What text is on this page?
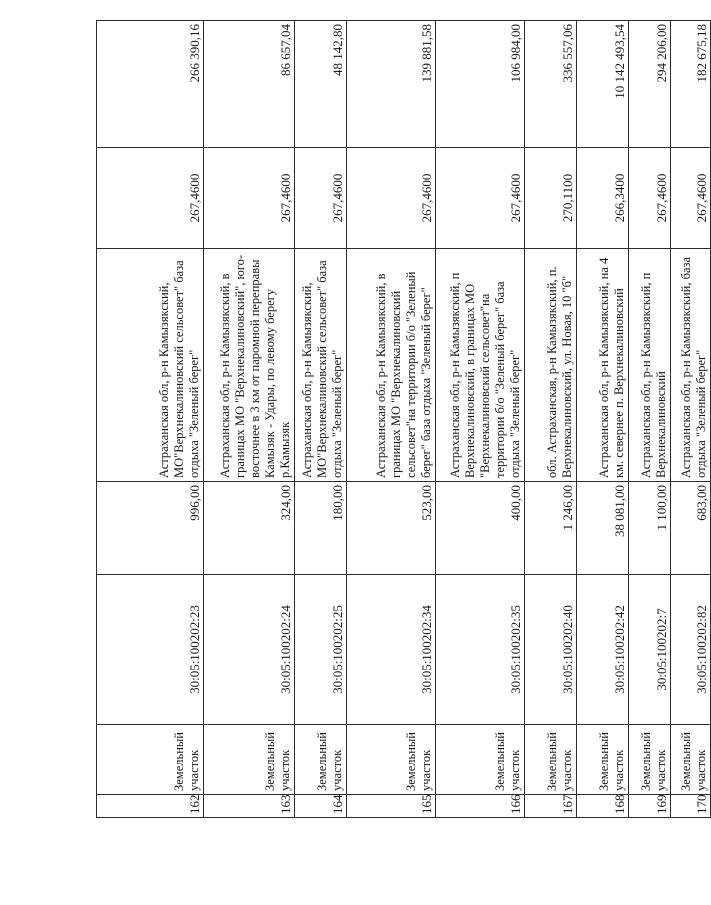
162	Земельный участок	30:05:100202:23	996,00	Астраханская обл, р-н Камызякский, МО"Верхнекалиновский сельсовет" база отдыха "Зеленый берег"	267,4600	266 390,16
163	Земельный участок	30:05:100202:24	324,00	Астраханская обл, р-н Камызякский, в границах МО "Верхнекалиновский", юго-восточнее в 3 км от паромной переправы Камызяк - Удары, по левому берегу р.Камызяк	267,4600	86 657,04
164	Земельный участок	30:05:100202:25	180,00	Астраханская обл, р-н Камызякский, МО"Верхнекалиновский сельсовет" база отдыха "Зеленый берег"	267,4600	48 142,80
165	Земельный участок	30:05:100202:34	523,00	Астраханская обл, р-н Камызякский, в границах МО "Верхнекалиновский сельсовет"на территории б/о "Зеленый берег" база отдыха "Зеленый берег"	267,4600	139 881,58
166	Земельный участок	30:05:100202:35	400,00	Астраханская обл, р-н Камызякский, п Верхнекалиновский, в границах МО "Верхнекалиновский сельсовет"на территории б/о "Зеленый берег" база отдыха "Зеленый берег"	267,4600	106 984,00
167	Земельный участок	30:05:100202:40	1 246,00	обл. Астраханская, р-н Камызякский, п. Верхнекалиновский, ул. Новая, 10 "б"	270,1100	336 557,06
168	Земельный участок	30:05:100202:42	38 081,00	Астраханская обл, р-н Камызякский, на 4 км. севернее п. Верхнекалиновский	266,3400	10 142 493,54
169	Земельный участок	30:05:100202:7	1 100,00	Астраханская обл, р-н Камызякский, п Верхнекалиновский	267,4600	294 206,00
170	Земельный участок	30:05:100202:82	683,00	Астраханская обл, р-н Камызякский, база отдыха "Зеленый берег"	267,4600	182 675,18
